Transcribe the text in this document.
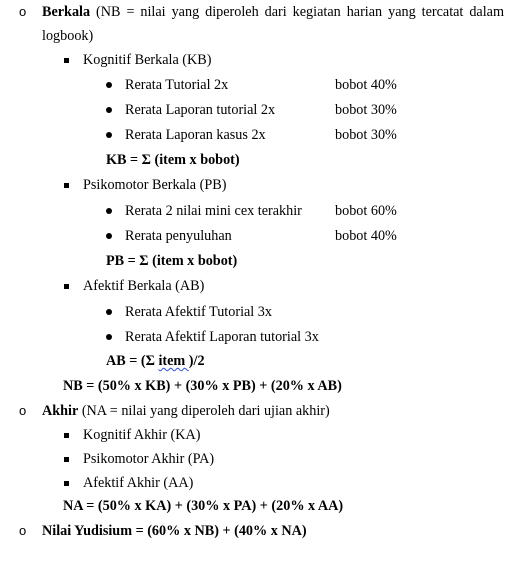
o Berkala (NB = nilai yang diperoleh dari kegiatan harian yang tercatat dalam
logbook)
Kognitif Berkala (KB)
Rerata Tutorial 2x	bobot 40%
Rerata Laporan tutorial 2x	bobot 30%
Rerata Laporan kasus 2x	bobot 30%
KB = Σ (item x bobot)
Psikomotor Berkala (PB)
Rerata 2 nilai mini cex terakhir bobot 60%
Rerata penyuluhan	bobot 40%
PB = Σ (item x bobot)
Afektif Berkala (AB)
Rerata Afektif Tutorial 3x
Rerata Afektif Laporan tutorial 3x
AB = (Σ item )/2
NB = (50% x KB) + (30% x PB) + (20% x AB)
o Akhir (NA = nilai yang diperoleh dari ujian akhir)
Kognitif Akhir (KA)
Psikomotor Akhir (PA)
Afektif Akhir (AA)
NA = (50% x KA) + (30% x PA) + (20% x AA)
o Nilai Yudisium = (60% x NB) + (40% x NA)
